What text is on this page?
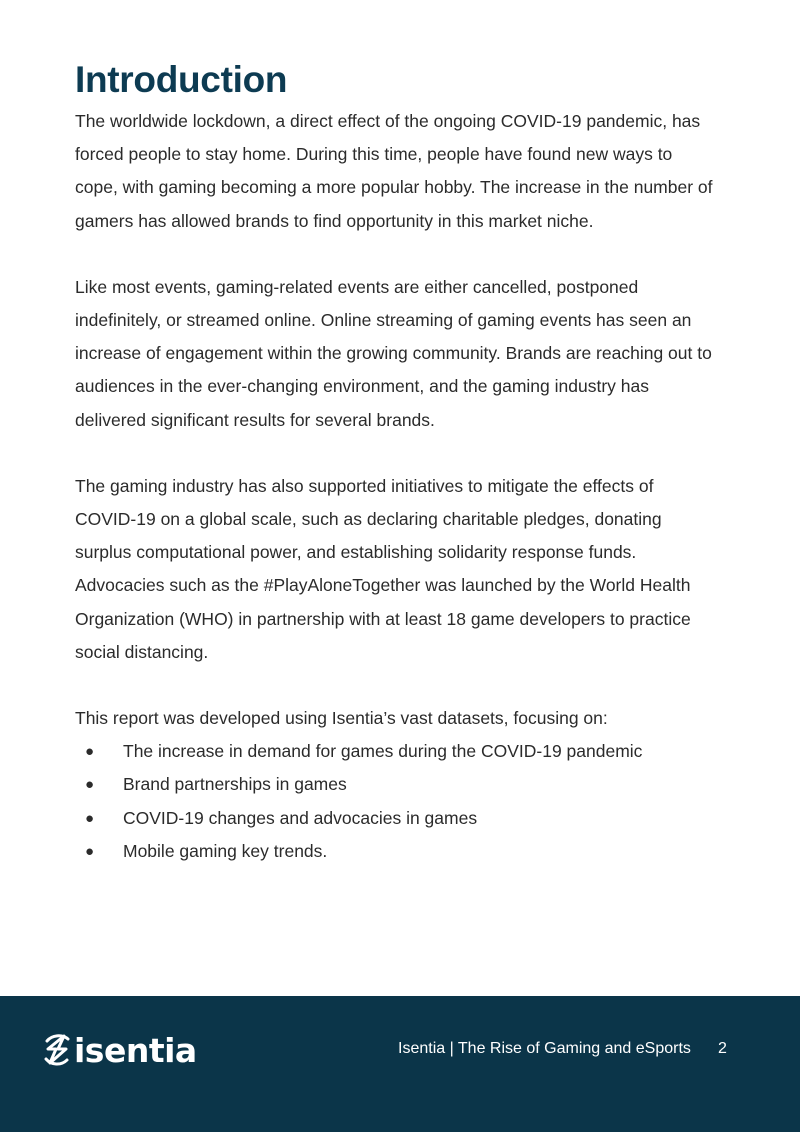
Introduction

The worldwide lockdown, a direct effect of the ongoing COVID-19 pandemic, has forced people to stay home. During this time, people have found new ways to cope, with gaming becoming a more popular hobby. The increase in the number of gamers has allowed brands to find opportunity in this market niche.

Like most events, gaming-related events are either cancelled, postponed indefinitely, or streamed online. Online streaming of gaming events has seen an increase of engagement within the growing community. Brands are reaching out to audiences in the ever-changing environment, and the gaming industry has delivered significant results for several brands.

The gaming industry has also supported initiatives to mitigate the effects of COVID-19 on a global scale, such as declaring charitable pledges, donating surplus computational power, and establishing solidarity response funds. Advocacies such as the #PlayAloneTogether was launched by the World Health Organization (WHO) in partnership with at least 18 game developers to practice social distancing.

This report was developed using Isentia’s vast datasets, focusing on:

● The increase in demand for games during the COVID-19 pandemic
● Brand partnerships in games
● COVID-19 changes and advocacies in games
● Mobile gaming key trends.
isentia	Isentia | The Rise of Gaming and eSports 2
